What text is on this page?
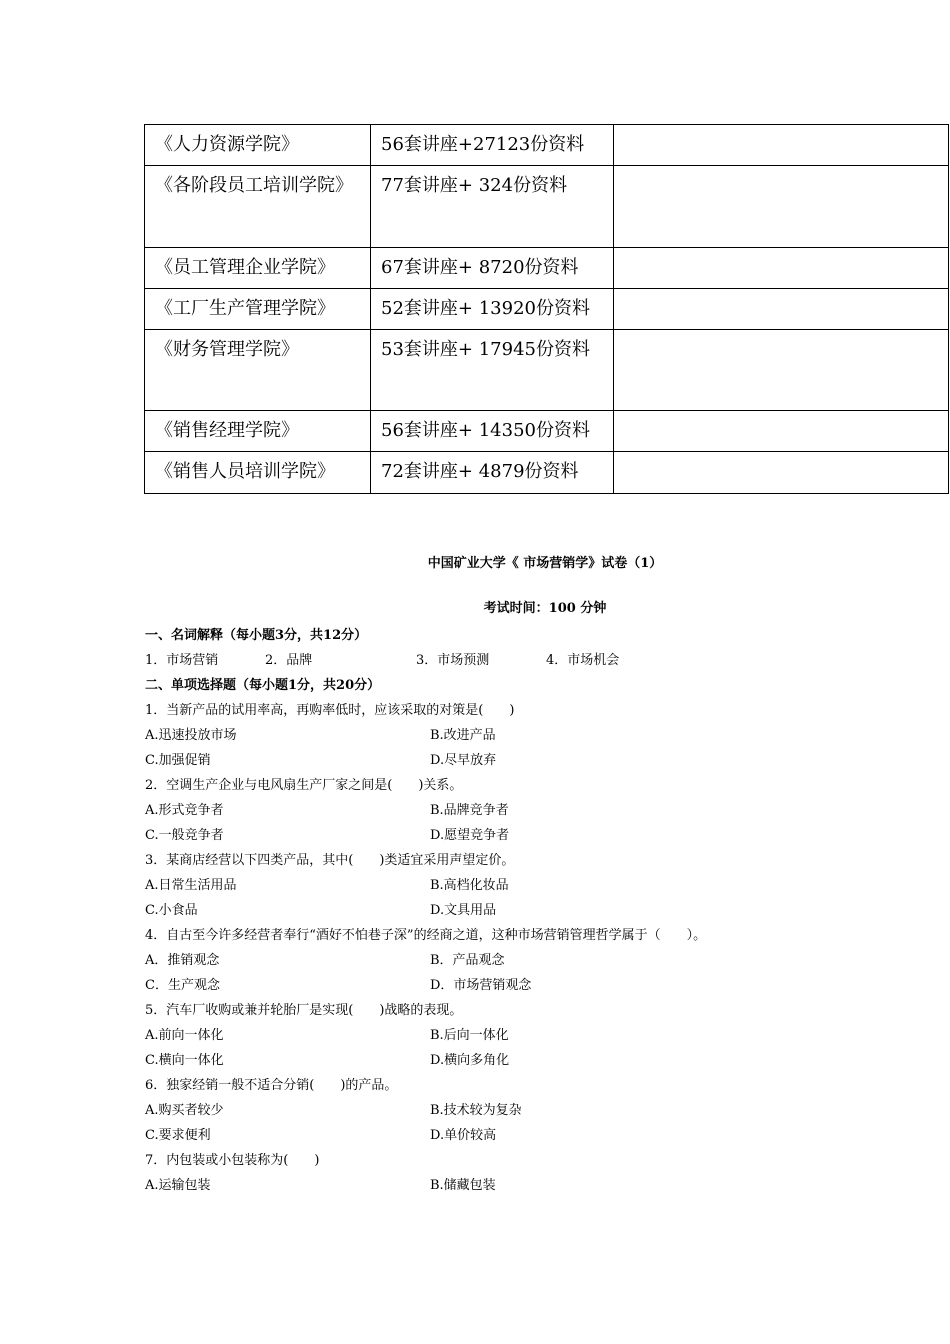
《人力资源学院》	56套讲座+27123份资料	
《各阶段员工培训学院》	77套讲座+ 324份资料	
《员工管理企业学院》	67套讲座+ 8720份资料	
《工厂生产管理学院》	52套讲座+ 13920份资料	
《财务管理学院》	53套讲座+ 17945份资料	
《销售经理学院》	56套讲座+ 14350份资料	
《销售人员培训学院》	72套讲座+ 4879份资料	
中国矿业大学《 市场营销学》试卷（1）
考试时间：100 分钟
一、名词解释（每小题3分，共12分）
1．市场营销	2．品牌	3．市场预测	4．市场机会
二、单项选择题（每小题1分，共20分）
1．当新产品的试用率高，再购率低时，应该采取的对策是(　　)
A.迅速投放市场	B.改进产品
C.加强促销	D.尽早放弃
2．空调生产企业与电风扇生产厂家之间是(　　)关系。
A.形式竞争者	B.品牌竞争者
C.一般竞争者	D.愿望竞争者
3．某商店经营以下四类产品，其中(　　)类适宜采用声望定价。
A.日常生活用品	B.高档化妆品
C.小食品	D.文具用品
4．自古至今许多经营者奉行“酒好不怕巷子深”的经商之道，这种市场营销管理哲学属于（　　）。
A．推销观念	B．产品观念
C．生产观念	D．市场营销观念
5．汽车厂收购或兼并轮胎厂是实现(　　)战略的表现。
A.前向一体化	B.后向一体化
C.横向一体化	D.横向多角化
6．独家经销一般不适合分销(　　)的产品。
A.购买者较少	B.技术较为复杂
C.要求便利	D.单价较高
7．内包装或小包装称为(　　)
A.运输包装	B.储藏包装
